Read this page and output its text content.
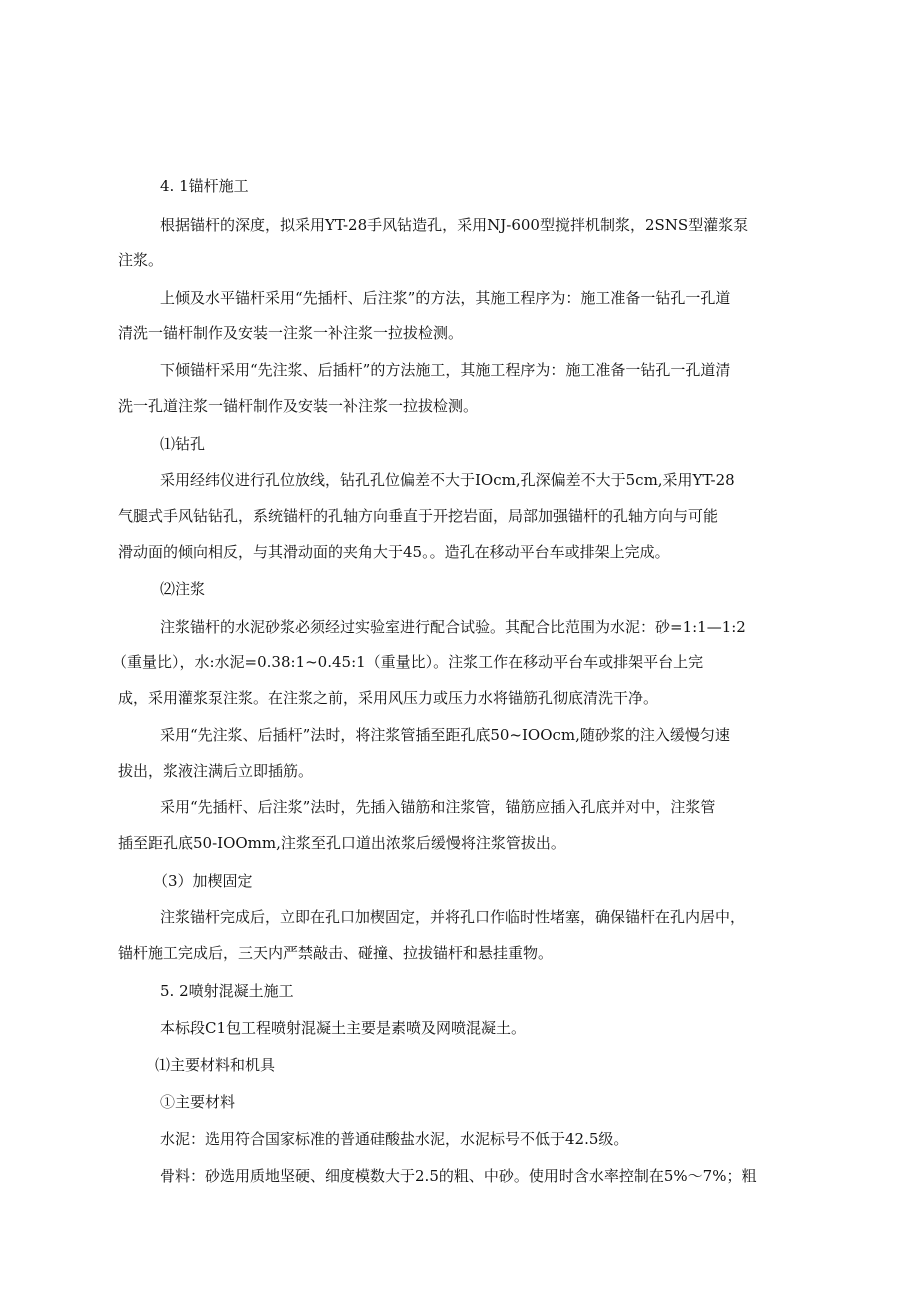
4. 1锚杆施工
根据锚杆的深度，拟采用YT-28手风钻造孔，采用NJ-600型搅拌机制浆，2SNS型灌浆泵
注浆。
上倾及水平锚杆采用“先插杆、后注浆”的方法，其施工程序为：施工准备一钻孔一孔道
清洗一锚杆制作及安装一注浆一补注浆一拉拔检测。
下倾锚杆采用“先注浆、后插杆”的方法施工，其施工程序为：施工准备一钻孔一孔道清
洗一孔道注浆一锚杆制作及安装一补注浆一拉拔检测。
⑴钻孔
采用经纬仪进行孔位放线，钻孔孔位偏差不大于IOcm,孔深偏差不大于5cm,采用YT-28
气腿式手风钻钻孔，系统锚杆的孔轴方向垂直于开挖岩面，局部加强锚杆的孔轴方向与可能
滑动面的倾向相反，与其滑动面的夹角大于45。。造孔在移动平台车或排架上完成。
⑵注浆
注浆锚杆的水泥砂浆必须经过实验室进行配合试验。其配合比范围为水泥：砂=1:1—1:2
（重量比），水:水泥=0.38:1~0.45:1（重量比）。注浆工作在移动平台车或排架平台上完
成，采用灌浆泵注浆。在注浆之前，采用风压力或压力水将锚筋孔彻底清洗干净。
采用“先注浆、后插杆”法时，将注浆管插至距孔底50~IOOcm,随砂浆的注入缓慢匀速
拔出，浆液注满后立即插筋。
采用“先插杆、后注浆”法时，先插入锚筋和注浆管，锚筋应插入孔底并对中，注浆管
插至距孔底50-IOOmm,注浆至孔口道出浓浆后缓慢将注浆管拔出。
（3）加楔固定
注浆锚杆完成后，立即在孔口加楔固定，并将孔口作临时性堵塞，确保锚杆在孔内居中，
锚杆施工完成后，三天内严禁敲击、碰撞、拉拔锚杆和悬挂重物。
5. 2喷射混凝土施工
本标段C1包工程喷射混凝土主要是素喷及网喷混凝土。
⑴主要材料和机具
①主要材料
水泥：选用符合国家标准的普通硅酸盐水泥，水泥标号不低于42.5级。
骨料：砂选用质地坚硬、细度模数大于2.5的粗、中砂。使用时含水率控制在5%～7%；粗
